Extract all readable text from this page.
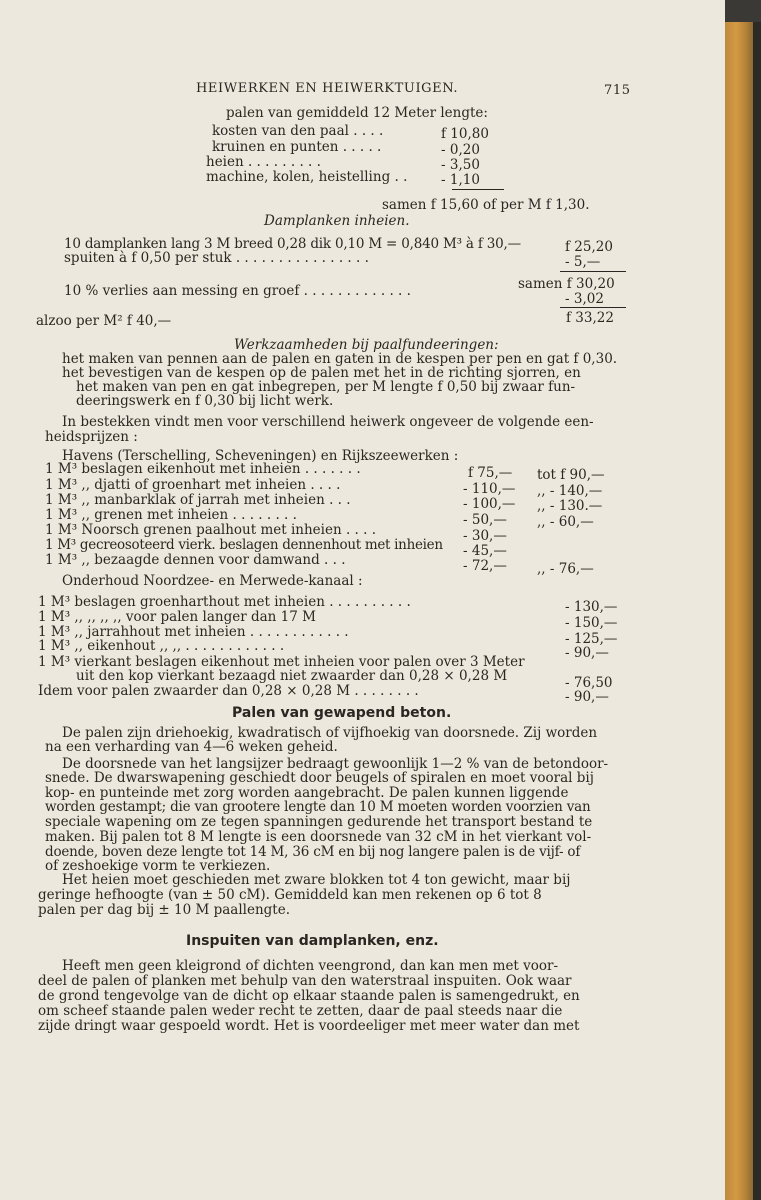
HEIWERKEN EN HEIWERKTUIGEN.	715
palen van gemiddeld 12 Meter lengte:
kosten van den paal . . . .	f 10,80
kruinen en punten . . . . .	- 0,20
heien . . . . . . . . .	- 3,50
machine, kolen, heistelling . . - 1,10
samen f 15,60 of per M f 1,30.
Damplanken inheien.
10 damplanken lang 3 M breed 0,28 dik 0,10 M = 0,840 M³ à f 30,—	f 25,20
spuiten à f 0,50 per stuk . . . . . . . . . . . . . . . .	- 5,—
samen f 30,20
10 % verlies aan messing en groef . . . . . . . . . . . . .	- 3,02
alzoo per M² f 40,—	f 33,22
Werkzaamheden bij paalfundeeringen:
het maken van pennen aan de palen en gaten in de kespen per pen en gat f 0,30.
het bevestigen van de kespen op de palen met het in de richting sjorren, en
het maken van pen en gat inbegrepen, per M lengte f 0,50 bij zwaar fun-
deeringswerk en f 0,30 bij licht werk.
In bestekken vindt men voor verschillend heiwerk ongeveer de volgende een-
heidsprijzen :
Havens (Terschelling, Scheveningen) en Rijkszeewerken :
1 M³ beslagen eikenhout met inheien . . . . . . .	f 75,— tot f 90,—
1 M³ ,, djatti of groenhart met inheien . . . .	- 110,— ,, - 140,—
1 M³ ,, manbarklak of jarrah met inheien . . .	- 100,— ,, - 130.—
1 M³ ,, grenen met inheien . . . . . . . .	- 50,— ,, - 60,—
1 M³ Noorsch grenen paalhout met inheien . . . .	- 30,—
1 M³ gecreosoteerd vierk. beslagen dennenhout met inheien - 45,—
1 M³ ,, bezaagde dennen voor damwand . . .	- 72,— ,, - 76,—
Onderhoud Noordzee- en Merwede-kanaal :
1 M³ beslagen groenharthout met inheien . . . . . . . . . .	- 130,—
1 M³ ,, ,, ,, ,, voor palen langer dan 17 M	- 150,—
1 M³ ,, jarrahhout met inheien . . . . . . . . . . . .	- 125,—
1 M³ ,, eikenhout ,, ,, . . . . . . . . . . . .	- 90,—
1 M³ vierkant beslagen eikenhout met inheien voor palen over 3 Meter
uit den kop vierkant bezaagd niet zwaarder dan 0,28 × 0,28 M	- 76,50
Idem voor palen zwaarder dan 0,28 × 0,28 M . . . . . . . .	- 90,—
Palen van gewapend beton.
De palen zijn driehoekig, kwadratisch of vijfhoekig van doorsnede. Zij worden
na een verharding van 4—6 weken geheid.
De doorsnede van het langsijzer bedraagt gewoonlijk 1—2 % van de betondoor-
snede. De dwarswapening geschiedt door beugels of spiralen en moet vooral bij
kop- en punteinde met zorg worden aangebracht. De palen kunnen liggende
worden gestampt; die van grootere lengte dan 10 M moeten worden voorzien van
speciale wapening om ze tegen spanningen gedurende het transport bestand te
maken. Bij palen tot 8 M lengte is een doorsnede van 32 cM in het vierkant vol-
doende, boven deze lengte tot 14 M, 36 cM en bij nog langere palen is de vijf- of
of zeshoekige vorm te verkiezen.
Het heien moet geschieden met zware blokken tot 4 ton gewicht, maar bij
geringe hefhoogte (van ± 50 cM). Gemiddeld kan men rekenen op 6 tot 8
palen per dag bij ± 10 M paallengte.
Inspuiten van damplanken, enz.
Heeft men geen kleigrond of dichten veengrond, dan kan men met voor-
deel de palen of planken met behulp van den waterstraal inspuiten. Ook waar
de grond tengevolge van de dicht op elkaar staande palen is samengedrukt, en
om scheef staande palen weder recht te zetten, daar de paal steeds naar die
zijde dringt waar gespoeld wordt. Het is voordeeliger met meer water dan met
